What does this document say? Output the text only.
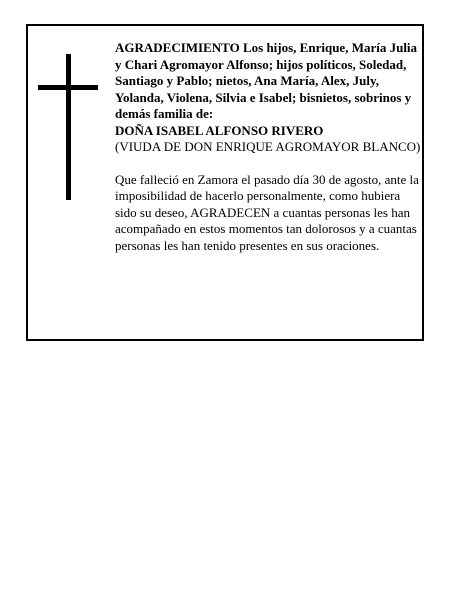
AGRADECIMIENTO Los hijos, Enrique, María Julia y Chari Agromayor Alfonso; hijos políticos, Soledad, Santiago y Pablo; nietos, Ana María, Alex, July, Yolanda, Violena, Silvia e Isabel; bisnietos, sobrinos y demás familia de:

DOÑA ISABEL ALFONSO RIVERO

(VIUDA DE DON ENRIQUE AGROMAYOR BLANCO)

Que falleció en Zamora el pasado día 30 de agosto, ante la imposibilidad de hacerlo personalmente, como hubiera sido su deseo, AGRADECEN a cuantas personas les han acompañado en estos momentos tan dolorosos y a cuantas personas les han tenido presentes en sus oraciones.
